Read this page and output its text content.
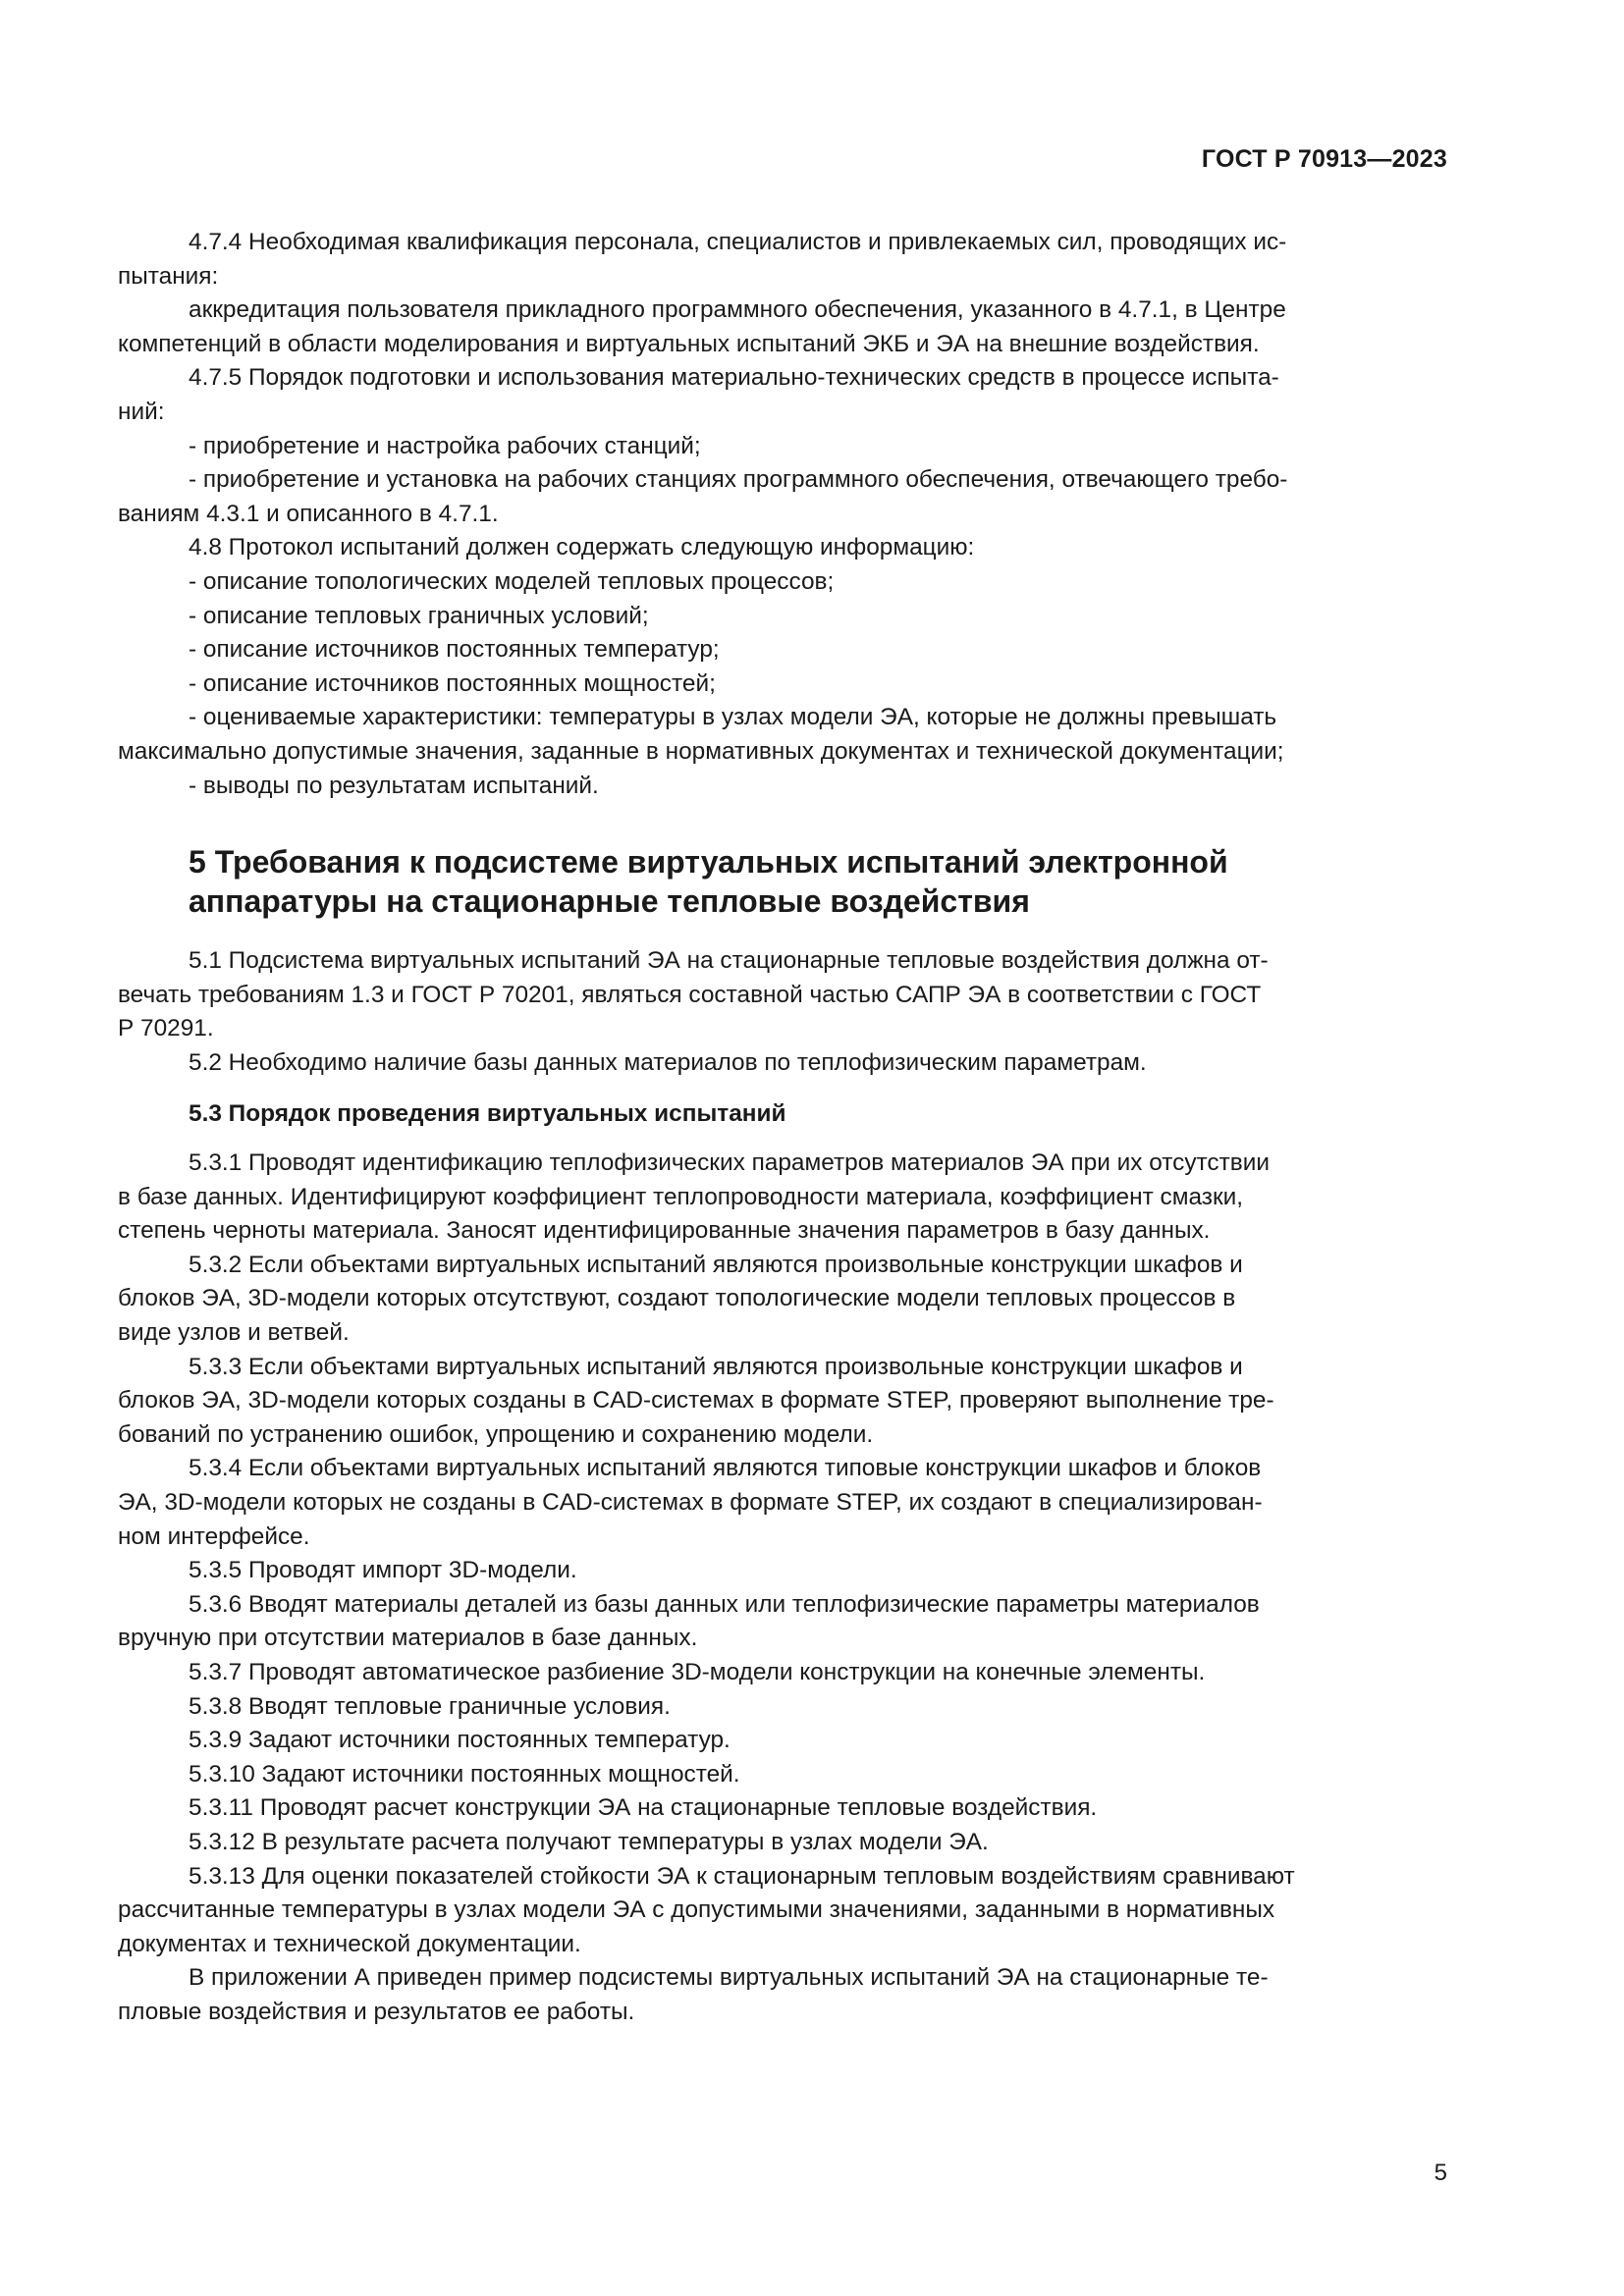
ГОСТ Р 70913—2023

4.7.4 Необходимая квалификация персонала, специалистов и привлекаемых сил, проводящих ис-

пытания:

аккредитация пользователя прикладного программного обеспечения, указанного в 4.7.1, в Центре

компетенций в области моделирования и виртуальных испытаний ЭКБ и ЭА на внешние воздействия.

4.7.5 Порядок подготовки и использования материально-технических средств в процессе испыта-

ний:

- приобретение и настройка рабочих станций;

- приобретение и установка на рабочих станциях программного обеспечения, отвечающего требо-

ваниям 4.3.1 и описанного в 4.7.1.

4.8 Протокол испытаний должен содержать следующую информацию:

- описание топологических моделей тепловых процессов;

- описание тепловых граничных условий;

- описание источников постоянных температур;

- описание источников постоянных мощностей;

- оцениваемые характеристики: температуры в узлах модели ЭА, которые не должны превышать

максимально допустимые значения, заданные в нормативных документах и технической документации;

- выводы по результатам испытаний.

5 Требования к подсистеме виртуальных испытаний электронной
аппаратуры на стационарные тепловые воздействия

5.1 Подсистема виртуальных испытаний ЭА на стационарные тепловые воздействия должна от-

вечать требованиям 1.3 и ГОСТ Р 70201, являться составной частью САПР ЭА в соответствии с ГОСТ

Р 70291.

5.2 Необходимо наличие базы данных материалов по теплофизическим параметрам.

5.3 Порядок проведения виртуальных испытаний

5.3.1 Проводят идентификацию теплофизических параметров материалов ЭА при их отсутствии

в базе данных. Идентифицируют коэффициент теплопроводности материала, коэффициент смазки,

степень черноты материала. Заносят идентифицированные значения параметров в базу данных.

5.3.2 Если объектами виртуальных испытаний являются произвольные конструкции шкафов и

блоков ЭА, 3D-модели которых отсутствуют, создают топологические модели тепловых процессов в

виде узлов и ветвей.

5.3.3 Если объектами виртуальных испытаний являются произвольные конструкции шкафов и

блоков ЭА, 3D-модели которых созданы в CAD-системах в формате STEP, проверяют выполнение тре-

бований по устранению ошибок, упрощению и сохранению модели.

5.3.4 Если объектами виртуальных испытаний являются типовые конструкции шкафов и блоков

ЭА, 3D-модели которых не созданы в CAD-системах в формате STEP, их создают в специализирован-

ном интерфейсе.

5.3.5 Проводят импорт 3D-модели.

5.3.6 Вводят материалы деталей из базы данных или теплофизические параметры материалов

вручную при отсутствии материалов в базе данных.

5.3.7 Проводят автоматическое разбиение 3D-модели конструкции на конечные элементы.

5.3.8 Вводят тепловые граничные условия.

5.3.9 Задают источники постоянных температур.

5.3.10 Задают источники постоянных мощностей.

5.3.11 Проводят расчет конструкции ЭА на стационарные тепловые воздействия.

5.3.12 В результате расчета получают температуры в узлах модели ЭА.

5.3.13 Для оценки показателей стойкости ЭА к стационарным тепловым воздействиям сравнивают

рассчитанные температуры в узлах модели ЭА с допустимыми значениями, заданными в нормативных

документах и технической документации.

В приложении А приведен пример подсистемы виртуальных испытаний ЭА на стационарные те-

пловые воздействия и результатов ее работы.

5
